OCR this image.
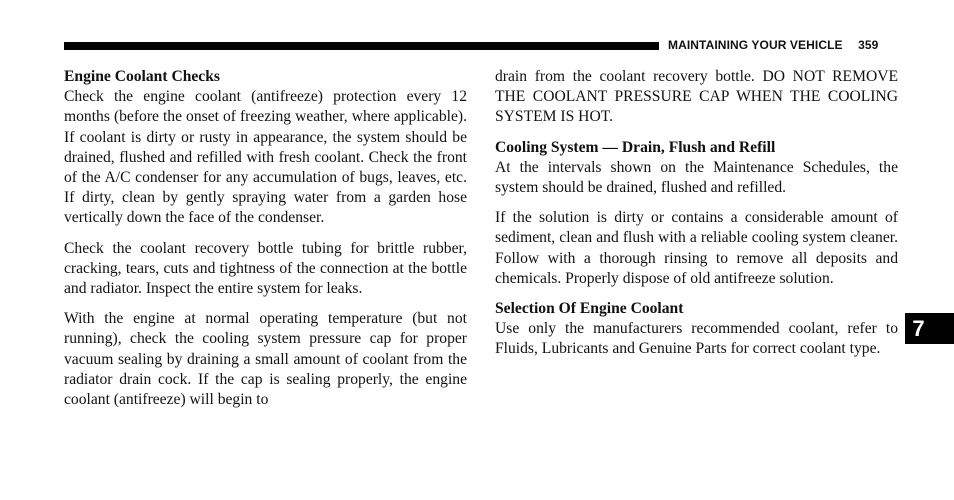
MAINTAINING YOUR VEHICLE 359
Engine Coolant Checks

Check the engine coolant (antifreeze) protection every 12 months (before the onset of freezing weather, where applicable). If coolant is dirty or rusty in appearance, the system should be drained, flushed and refilled with fresh coolant. Check the front of the A/C condenser for any accumulation of bugs, leaves, etc. If dirty, clean by gently spraying water from a garden hose vertically down the face of the condenser.

Check the coolant recovery bottle tubing for brittle rubber, cracking, tears, cuts and tightness of the connection at the bottle and radiator. Inspect the entire system for leaks.

With the engine at normal operating temperature (but not running), check the cooling system pressure cap for proper vacuum sealing by draining a small amount of coolant from the radiator drain cock. If the cap is sealing properly, the engine coolant (antifreeze) will begin to

drain from the coolant recovery bottle. DO NOT REMOVE THE COOLANT PRESSURE CAP WHEN THE COOLING SYSTEM IS HOT.

Cooling System — Drain, Flush and Refill

At the intervals shown on the Maintenance Schedules, the system should be drained, flushed and refilled.

If the solution is dirty or contains a considerable amount of sediment, clean and flush with a reliable cooling system cleaner. Follow with a thorough rinsing to remove all deposits and chemicals. Properly dispose of old antifreeze solution.

Selection Of Engine Coolant

Use only the manufacturers recommended coolant, refer to Fluids, Lubricants and Genuine Parts for correct coolant type.

7
